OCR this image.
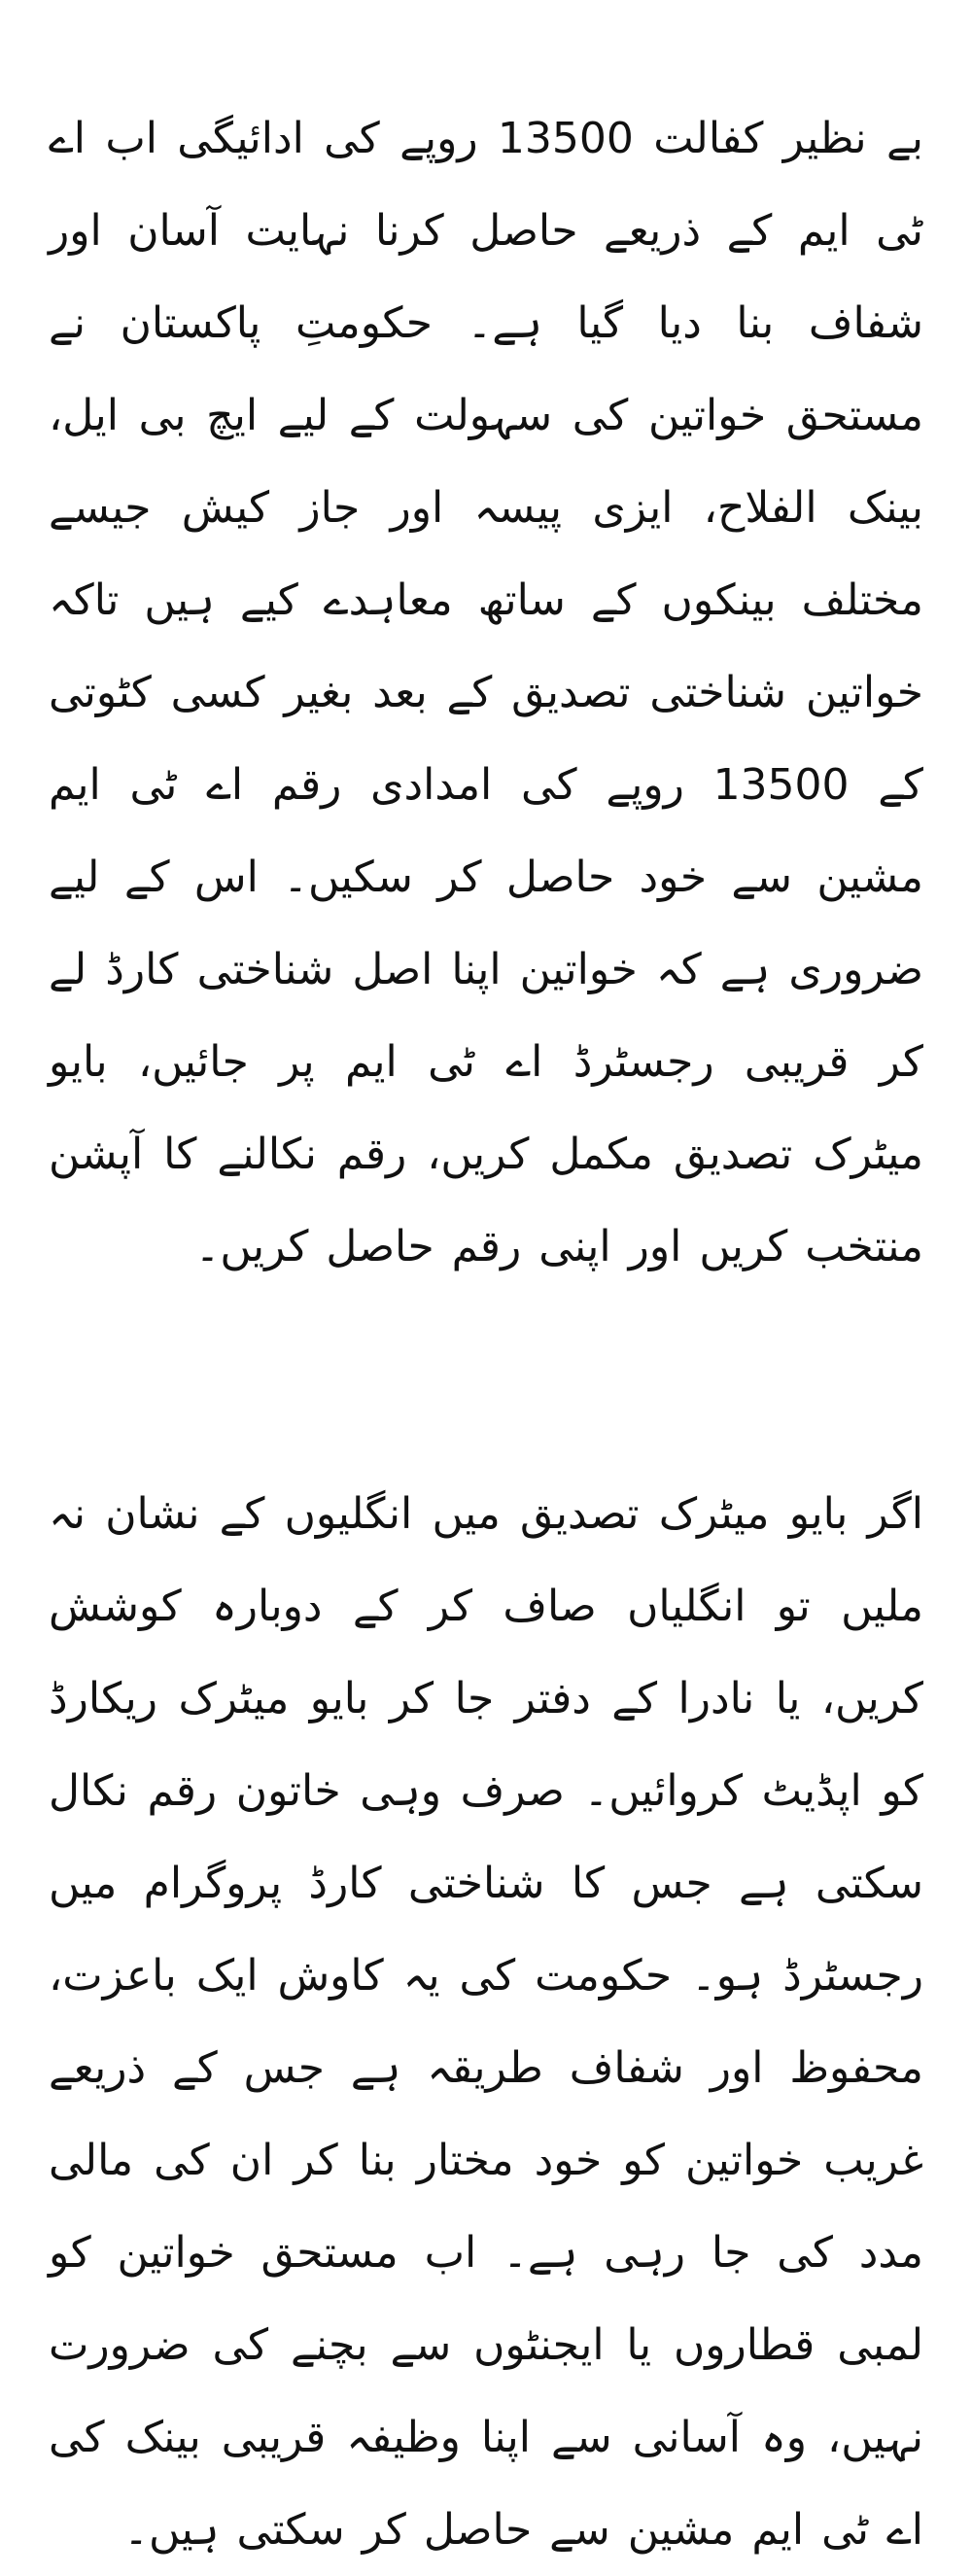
بے نظیر کفالت 13500 روپے کی ادائیگی اب اے ٹی ایم کے ذریعے حاصل کرنا نہایت آسان اور شفاف بنا دیا گیا ہے۔ حکومتِ پاکستان نے مستحق خواتین کی سہولت کے لیے ایچ بی ایل، بینک الفلاح، ایزی پیسہ اور جاز کیش جیسے مختلف بینکوں کے ساتھ معاہدے کیے ہیں تاکہ خواتین شناختی تصدیق کے بعد بغیر کسی کٹوتی کے 13500 روپے کی امدادی رقم اے ٹی ایم مشین سے خود حاصل کر سکیں۔ اس کے لیے ضروری ہے کہ خواتین اپنا اصل شناختی کارڈ لے کر قریبی رجسٹرڈ اے ٹی ایم پر جائیں، بایو میٹرک تصدیق مکمل کریں، رقم نکالنے کا آپشن منتخب کریں اور اپنی رقم حاصل کریں۔

اگر بایو میٹرک تصدیق میں انگلیوں کے نشان نہ ملیں تو انگلیاں صاف کر کے دوبارہ کوشش کریں، یا نادرا کے دفتر جا کر بایو میٹرک ریکارڈ کو اپڈیٹ کروائیں۔ صرف وہی خاتون رقم نکال سکتی ہے جس کا شناختی کارڈ پروگرام میں رجسٹرڈ ہو۔ حکومت کی یہ کاوش ایک باعزت، محفوظ اور شفاف طریقہ ہے جس کے ذریعے غریب خواتین کو خود مختار بنا کر ان کی مالی مدد کی جا رہی ہے۔ اب مستحق خواتین کو لمبی قطاروں یا ایجنٹوں سے بچنے کی ضرورت نہیں، وہ آسانی سے اپنا وظیفہ قریبی بینک کی اے ٹی ایم مشین سے حاصل کر سکتی ہیں۔
